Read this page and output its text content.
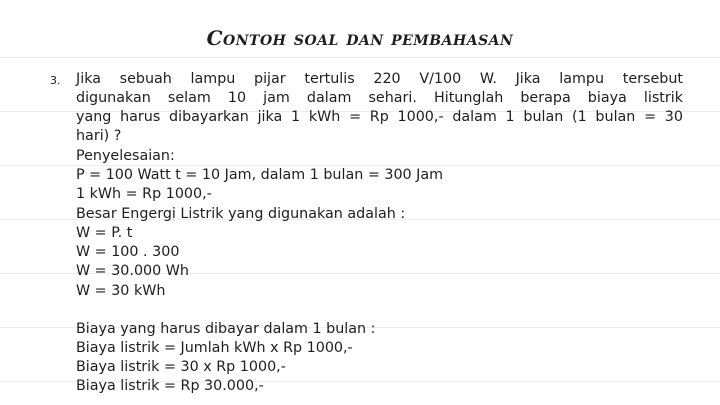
Contoh soal dan pembahasan
3. Jika sebuah lampu pijar tertulis 220 V/100 W. Jika lampu tersebut
digunakan selam 10 jam dalam sehari. Hitunglah berapa biaya listrik
yang harus dibayarkan jika 1 kWh = Rp 1000,- dalam 1 bulan (1 bulan = 30
hari) ?
Penyelesaian:
P = 100 Watt t = 10 Jam, dalam 1 bulan = 300 Jam
1 kWh = Rp 1000,-
Besar Engergi Listrik yang digunakan adalah :
W = P. t
W = 100 . 300
W = 30.000 Wh
W = 30 kWh
Biaya yang harus dibayar dalam 1 bulan :
Biaya listrik = Jumlah kWh x Rp 1000,-
Biaya listrik = 30 x Rp 1000,-
Biaya listrik = Rp 30.000,-
